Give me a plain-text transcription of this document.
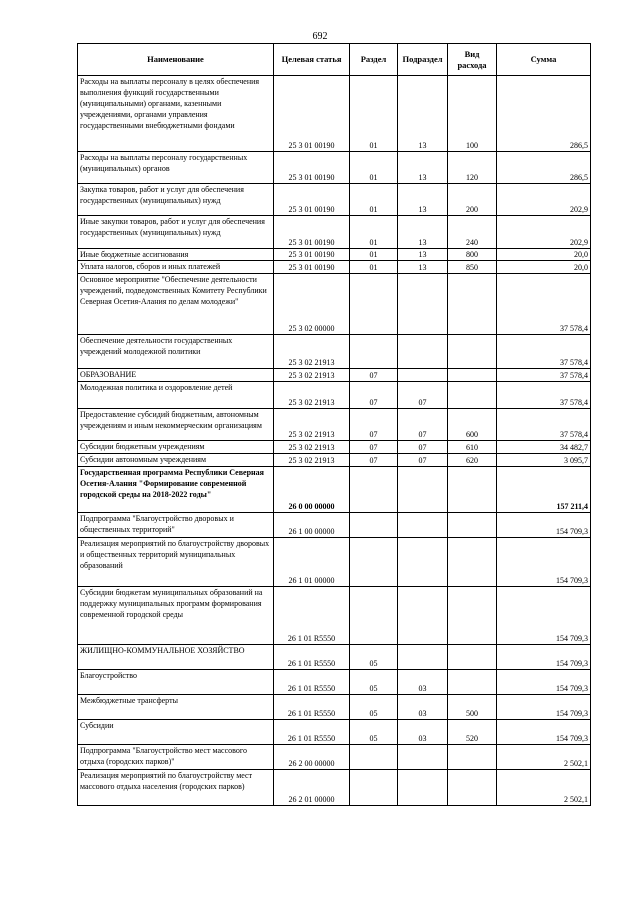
692
Наименование	Целевая статья	Раздел	Подраздел	Вид расхода	Сумма
Расходы на выплаты персоналу в целях обеспечения выполнения функций государственными (муниципальными) органами, казенными учреждениями, органами управления государственными внебюджетными фондами	25 3 01 00190	01	13	100	286,5
Расходы на выплаты персоналу государственных (муниципальных) органов	25 3 01 00190	01	13	120	286,5
Закупка товаров, работ и услуг для обеспечения государственных (муниципальных) нужд	25 3 01 00190	01	13	200	202,9
Иные закупки товаров, работ и услуг для обеспечения государственных (муниципальных) нужд	25 3 01 00190	01	13	240	202,9
Иные бюджетные ассигнования	25 3 01 00190	01	13	800	20,0
Уплата налогов, сборов и иных платежей	25 3 01 00190	01	13	850	20,0
Основное мероприятие "Обеспечение деятельности учреждений, подведомственных Комитету Республики Северная Осетия-Алания по делам молодежи"	25 3 02 00000				37 578,4
Обеспечение деятельности государственных учреждений молодежной политики	25 3 02 21913				37 578,4
ОБРАЗОВАНИЕ	25 3 02 21913	07			37 578,4
Молодежная политика и оздоровление детей	25 3 02 21913	07	07		37 578,4
Предоставление субсидий бюджетным, автономным учреждениям и иным некоммерческим организациям	25 3 02 21913	07	07	600	37 578,4
Субсидии бюджетным учреждениям	25 3 02 21913	07	07	610	34 482,7
Субсидии автономным учреждениям	25 3 02 21913	07	07	620	3 095,7
Государственная программа Республики Северная Осетия-Алания "Формирование современной городской среды на 2018-2022 годы"	26 0 00 00000				157 211,4
Подпрограмма "Благоустройство дворовых и общественных территорий"	26 1 00 00000				154 709,3
Реализация мероприятий по благоустройству дворовых и общественных территорий муниципальных образований	26 1 01 00000				154 709,3
Субсидии бюджетам муниципальных образований на поддержку муниципальных программ формирования современной городской среды	26 1 01 R5550				154 709,3
ЖИЛИЩНО-КОММУНАЛЬНОЕ ХОЗЯЙСТВО	26 1 01 R5550	05			154 709,3
Благоустройство	26 1 01 R5550	05	03		154 709,3
Межбюджетные трансферты	26 1 01 R5550	05	03	500	154 709,3
Субсидии	26 1 01 R5550	05	03	520	154 709,3
Подпрограмма "Благоустройство мест массового отдыха (городских парков)"	26 2 00 00000				2 502,1
Реализация мероприятий по благоустройству мест массового отдыха населения (городских парков)	26 2 01 00000				2 502,1
